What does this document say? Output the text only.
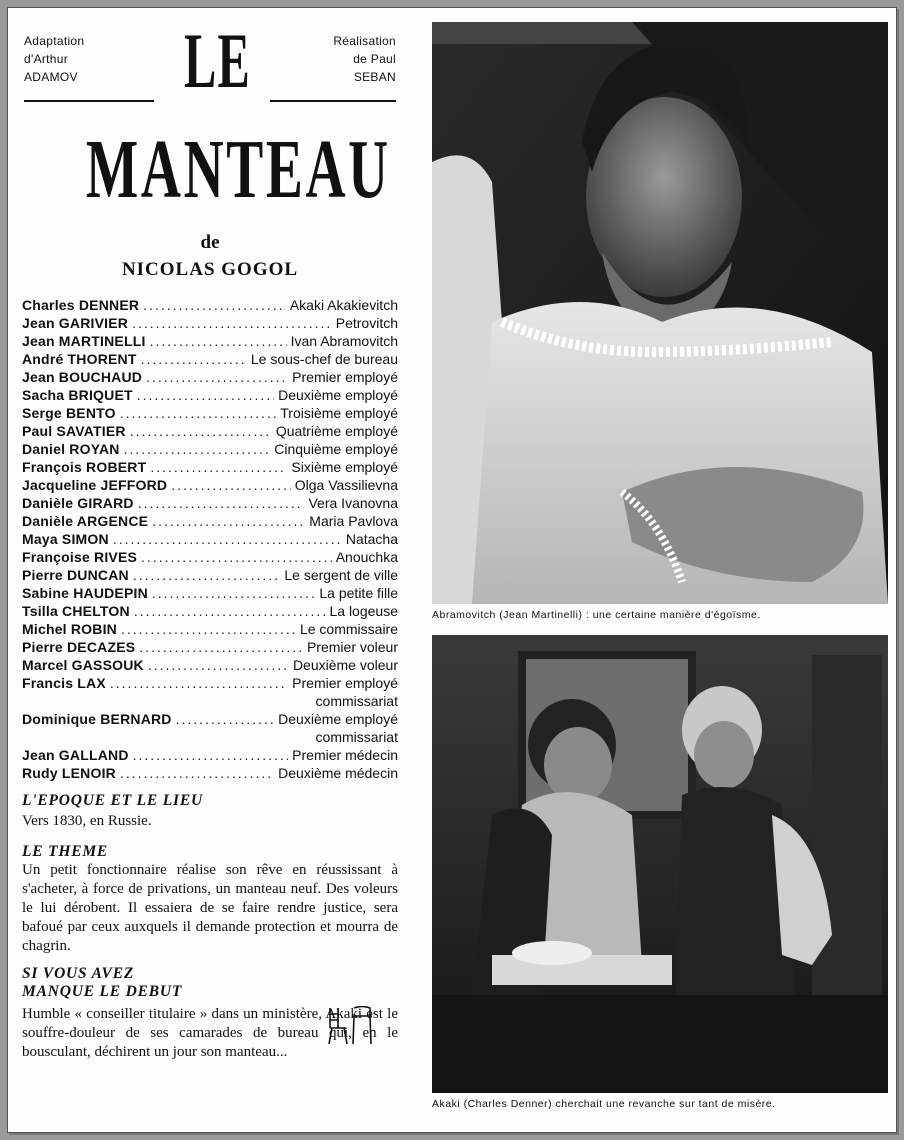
Adaptation
d'Arthur
ADAMOV LE	Réalisation
de Paul
SEBAN
MANTEAU
de
NICOLAS GOGOL
Charles DENNER .....	Akaki Akakievitch
Jean GARIVIER .....	Petrovitch
Jean MARTINELLI .....	Ivan Abramovitch
André THORENT .....	Le sous-chef de bureau
Jean BOUCHAUD .....	Premier employé
Sacha BRIQUET .....	Deuxième employé
Serge BENTO .....	Troisième employé
Paul SAVATIER .....	Quatrième employé
Daniel ROYAN .....	Cinquième employé
François ROBERT .....	Sixième employé
Jacqueline JEFFORD .....	Olga Vassilievna
Danièle GIRARD .....	Vera Ivanovna
Danièle ARGENCE .....	Maria Pavlova
Maya SIMON .....	Natacha
Françoise RIVES .....	Anouchka
Pierre DUNCAN .....	Le sergent de ville
Sabine HAUDEPIN .....	La petite fille
Tsilla CHELTON .....	La logeuse
Michel ROBIN .....	Le commissaire
Pierre DECAZES .....	Premier voleur
Marcel GASSOUK .....	Deuxième voleur
Francis LAX .....	Premier employé
commissariat
Dominique BERNARD .....	Deuxième employé
commissariat
Jean GALLAND .....	Premier médecin
Rudy LENOIR .....	Deuxième médecin
L'EPOQUE ET LE LIEU
Vers 1830, en Russie.
LE THEME
Un petit fonctionnaire réalise son rêve en réussissant à s'acheter, à force de privations, un manteau neuf. Des voleurs le lui dérobent. Il essaiera de se faire rendre justice, sera bafoué par ceux auxquels il demande protection et mourra de chagrin.
SI VOUS AVEZ
MANQUE LE DEBUT
Humble « conseiller titulaire » dans un ministère, Akaki est le souffre-douleur de ses camarades de bureau qui, en le bousculant, déchirent un jour son manteau...
Abramovitch (Jean Martinelli) : une certaine manière d'égoïsme.
Akaki (Charles Denner) cherchait une revanche sur tant de misère.
